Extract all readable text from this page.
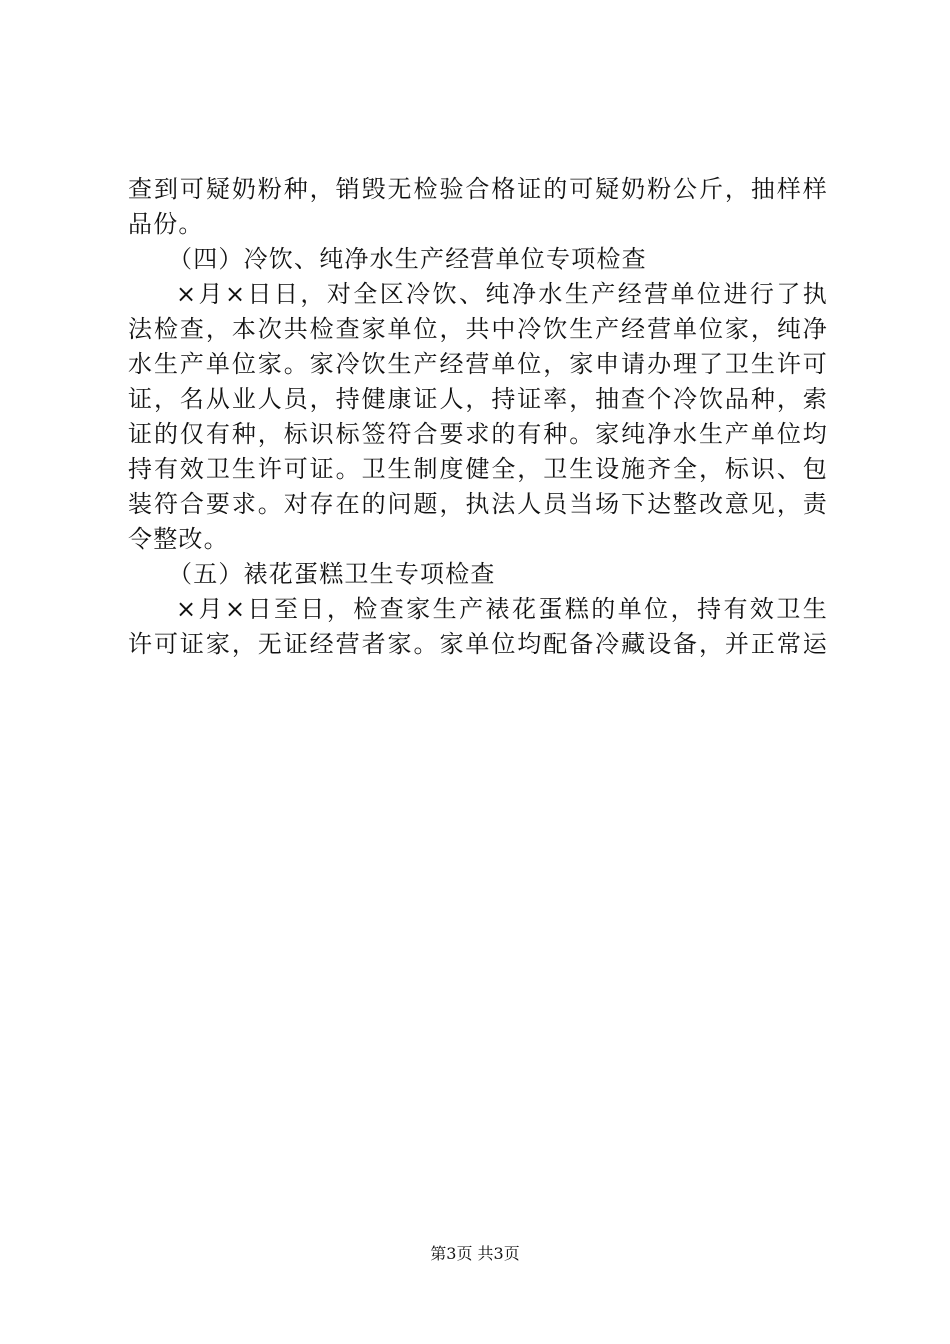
查到可疑奶粉种，销毁无检验合格证的可疑奶粉公斤，抽样样
品份。
（四）冷饮、纯净水生产经营单位专项检查
×月×日日，对全区冷饮、纯净水生产经营单位进行了执
法检查，本次共检查家单位，共中冷饮生产经营单位家，纯净
水生产单位家。家冷饮生产经营单位，家申请办理了卫生许可
证，名从业人员，持健康证人，持证率，抽查个冷饮品种，索
证的仅有种，标识标签符合要求的有种。家纯净水生产单位均
持有效卫生许可证。卫生制度健全，卫生设施齐全，标识、包
装符合要求。对存在的问题，执法人员当场下达整改意见，责
令整改。
（五）裱花蛋糕卫生专项检查
×月×日至日，检查家生产裱花蛋糕的单位，持有效卫生
许可证家，无证经营者家。家单位均配备冷藏设备，并正常运
第3页 共3页
